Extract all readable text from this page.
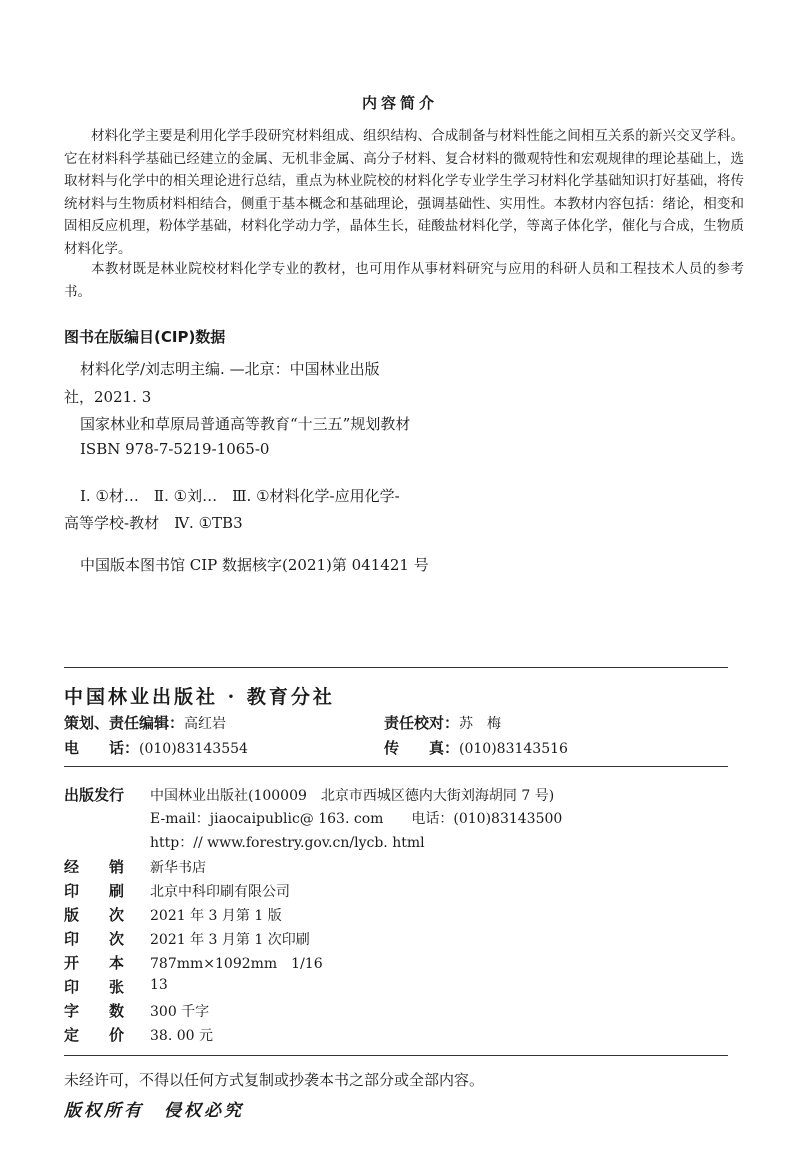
内容简介
材料化学主要是利用化学手段研究材料组成、组织结构、合成制备与材料性能之间相互关系的新兴交叉学科。它在材料科学基础已经建立的金属、无机非金属、高分子材料、复合材料的微观特性和宏观规律的理论基础上，选取材料与化学中的相关理论进行总结，重点为林业院校的材料化学专业学生学习材料化学基础知识打好基础，将传统材料与生物质材料相结合，侧重于基本概念和基础理论，强调基础性、实用性。本教材内容包括：绪论，相变和固相反应机理，粉体学基础，材料化学动力学，晶体生长，硅酸盐材料化学，等离子体化学，催化与合成，生物质材料化学。
本教材既是林业院校材料化学专业的教材，也可用作从事材料研究与应用的科研人员和工程技术人员的参考书。
图书在版编目(CIP)数据
材料化学/刘志明主编. —北京：中国林业出版
社，2021. 3
国家林业和草原局普通高等教育“十三五”规划教材
ISBN 978-7-5219-1065-0
Ⅰ. ①材…　Ⅱ. ①刘…　Ⅲ. ①材料化学-应用化学-
高等学校-教材　Ⅳ. ①TB3
中国版本图书馆 CIP 数据核字(2021)第 041421 号
中国林业出版社 · 教育分社
策划、责任编辑：高红岩	责任校对：苏　梅
电　　话：(010)83143554	传　　真：(010)83143516
出版发行 中国林业出版社(100009　北京市西城区德内大街刘海胡同 7 号)
E-mail：jiaocaipublic@ 163. com　　电话：(010)83143500
http：// www.forestry.gov.cn/lycb. html
经　　销 新华书店
印　　刷 北京中科印刷有限公司
版　　次 2021 年 3 月第 1 版
印　　次 2021 年 3 月第 1 次印刷
开　　本 787mm×1092mm　1/16
印　　张 13
字　　数 300 千字
定　　价 38. 00 元
未经许可，不得以任何方式复制或抄袭本书之部分或全部内容。
版权所有　侵权必究
